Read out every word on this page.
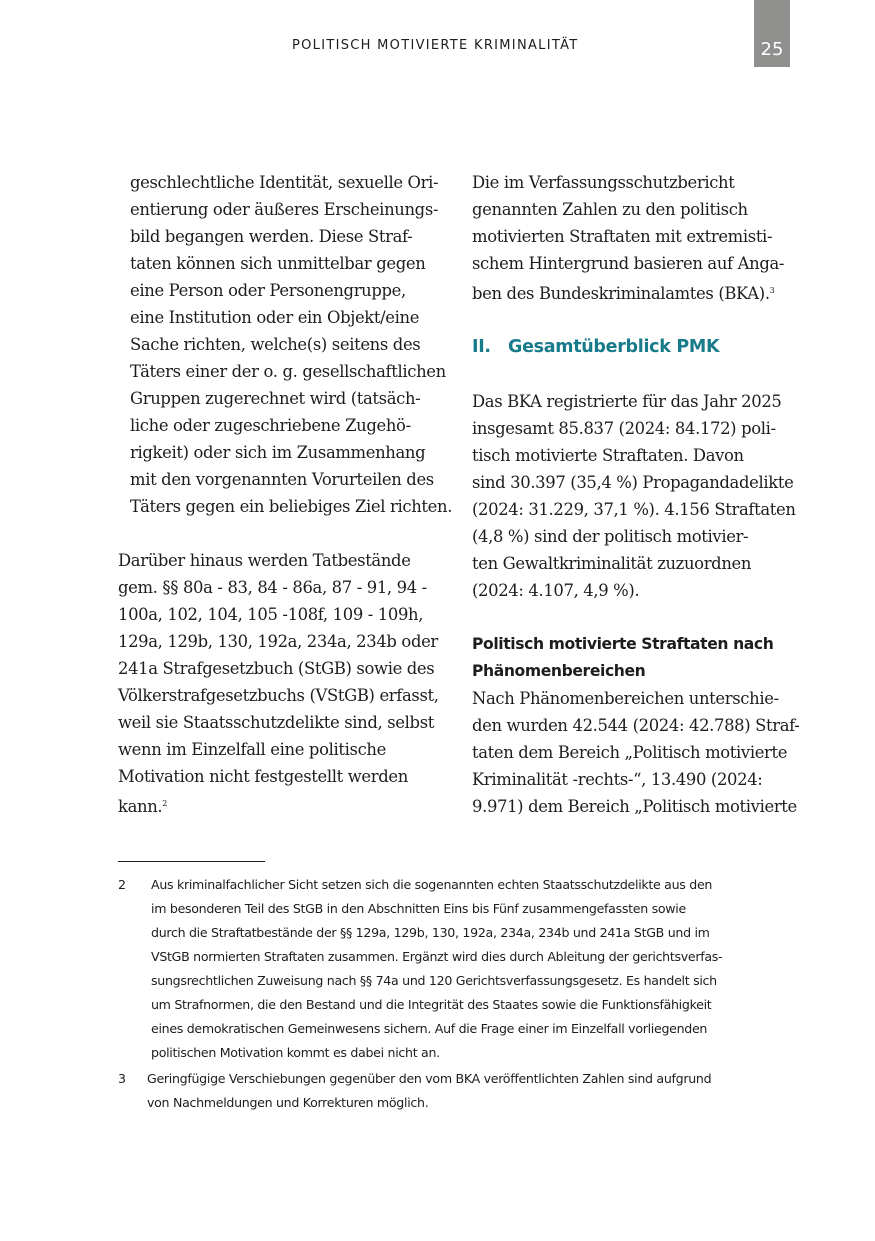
POLITISCH MOTIVIERTE KRIMINALITÄT	25

geschlechtliche Identität, sexuelle Ori-
entierung oder äußeres Erscheinungs-
bild begangen werden. Diese Straf-
taten können sich unmittelbar gegen
eine Person oder Personengruppe,
eine Institution oder ein Objekt/eine
Sache richten, welche(s) seitens des
Täters einer der o. g. gesellschaftlichen
Gruppen zugerechnet wird (tatsäch-
liche oder zugeschriebene Zugehö-
rigkeit) oder sich im Zusammenhang
mit den vorgenannten Vorurteilen des
Täters gegen ein beliebiges Ziel richten.

Darüber hinaus werden Tatbestände
gem. §§ 80a - 83, 84 - 86a, 87 - 91, 94 -
100a, 102, 104, 105 -108f, 109 - 109h,
129a, 129b, 130, 192a, 234a, 234b oder
241a Strafgesetzbuch (StGB) sowie des
Völkerstrafgesetzbuchs (VStGB) erfasst,
weil sie Staatsschutzdelikte sind, selbst
wenn im Einzelfall eine politische
Motivation nicht festgestellt werden
kann.$^2$

Die im Verfassungsschutzbericht
genannten Zahlen zu den politisch
motivierten Straftaten mit extremisti-
schem Hintergrund basieren auf Anga-
ben des Bundeskriminalamtes (BKA).$^3$

II. Gesamtüberblick PMK

Das BKA registrierte für das Jahr 2025
insgesamt 85.837 (2024: 84.172) poli-
tisch motivierte Straftaten. Davon
sind 30.397 (35,4 %) Propagandadelikte
(2024: 31.229, 37,1 %). 4.156 Straftaten
(4,8 %) sind der politisch motivier-
ten Gewaltkriminalität zuzuordnen
(2024: 4.107, 4,9 %).

Politisch motivierte Straftaten nach
Phänomenbereichen

Nach Phänomenbereichen unterschie-
den wurden 42.544 (2024: 42.788) Straf-
taten dem Bereich „Politisch motivierte
Kriminalität -rechts-“, 13.490 (2024:
9.971) dem Bereich „Politisch motivierte

2 Aus kriminalfachlicher Sicht setzen sich die sogenannten echten Staatsschutzdelikte aus den
im besonderen Teil des StGB in den Abschnitten Eins bis Fünf zusammengefassten sowie
durch die Straftatbestände der §§ 129a, 129b, 130, 192a, 234a, 234b und 241a StGB und im
VStGB normierten Straftaten zusammen. Ergänzt wird dies durch Ableitung der gerichtsverfas-
sungsrechtlichen Zuweisung nach §§ 74a und 120 Gerichtsverfassungsgesetz. Es handelt sich
um Strafnormen, die den Bestand und die Integrität des Staates sowie die Funktionsfähigkeit
eines demokratischen Gemeinwesens sichern. Auf die Frage einer im Einzelfall vorliegenden
politischen Motivation kommt es dabei nicht an.
3 Geringfügige Verschiebungen gegenüber den vom BKA veröffentlichten Zahlen sind aufgrund
von Nachmeldungen und Korrekturen möglich.
